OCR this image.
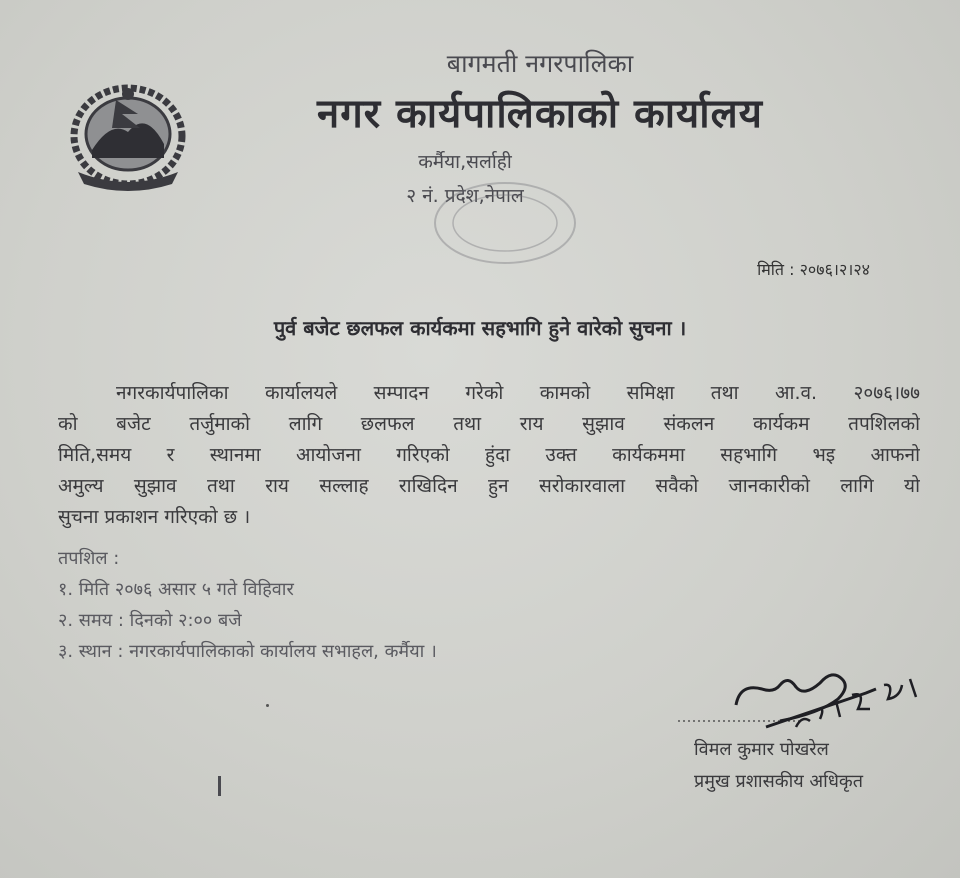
बागमती नगरपालिका
नगर कार्यपालिकाको कार्यालय
कर्मैया,सर्लाही
२ नं. प्रदेश,नेपाल
मिति : २०७६।२।२४
पुर्व बजेट छलफल कार्यकमा सहभागि हुने वारेको सुचना ।
नगरकार्यपालिका कार्यालयले सम्पादन गरेको कामको समिक्षा तथा आ.व. २०७६।७७
को बजेट तर्जुमाको लागि छलफल तथा राय सुझाव संकलन कार्यकम तपशिलको
मिति,समय र स्थानमा आयोजना गरिएको हुंदा उक्त कार्यकममा सहभागि भइ आफनो
अमुल्य सुझाव तथा राय सल्लाह राखिदिन हुन सरोकारवाला सवैको जानकारीको लागि यो
सुचना प्रकाशन गरिएको छ ।
तपशिल :
१. मिति २०७६ असार ५ गते विहिवार
२. समय : दिनको २:०० बजे
३. स्थान : नगरकार्यपालिकाको कार्यालय सभाहल, कर्मैया ।
विमल कुमार पोखरेल
प्रमुख प्रशासकीय अधिकृत
